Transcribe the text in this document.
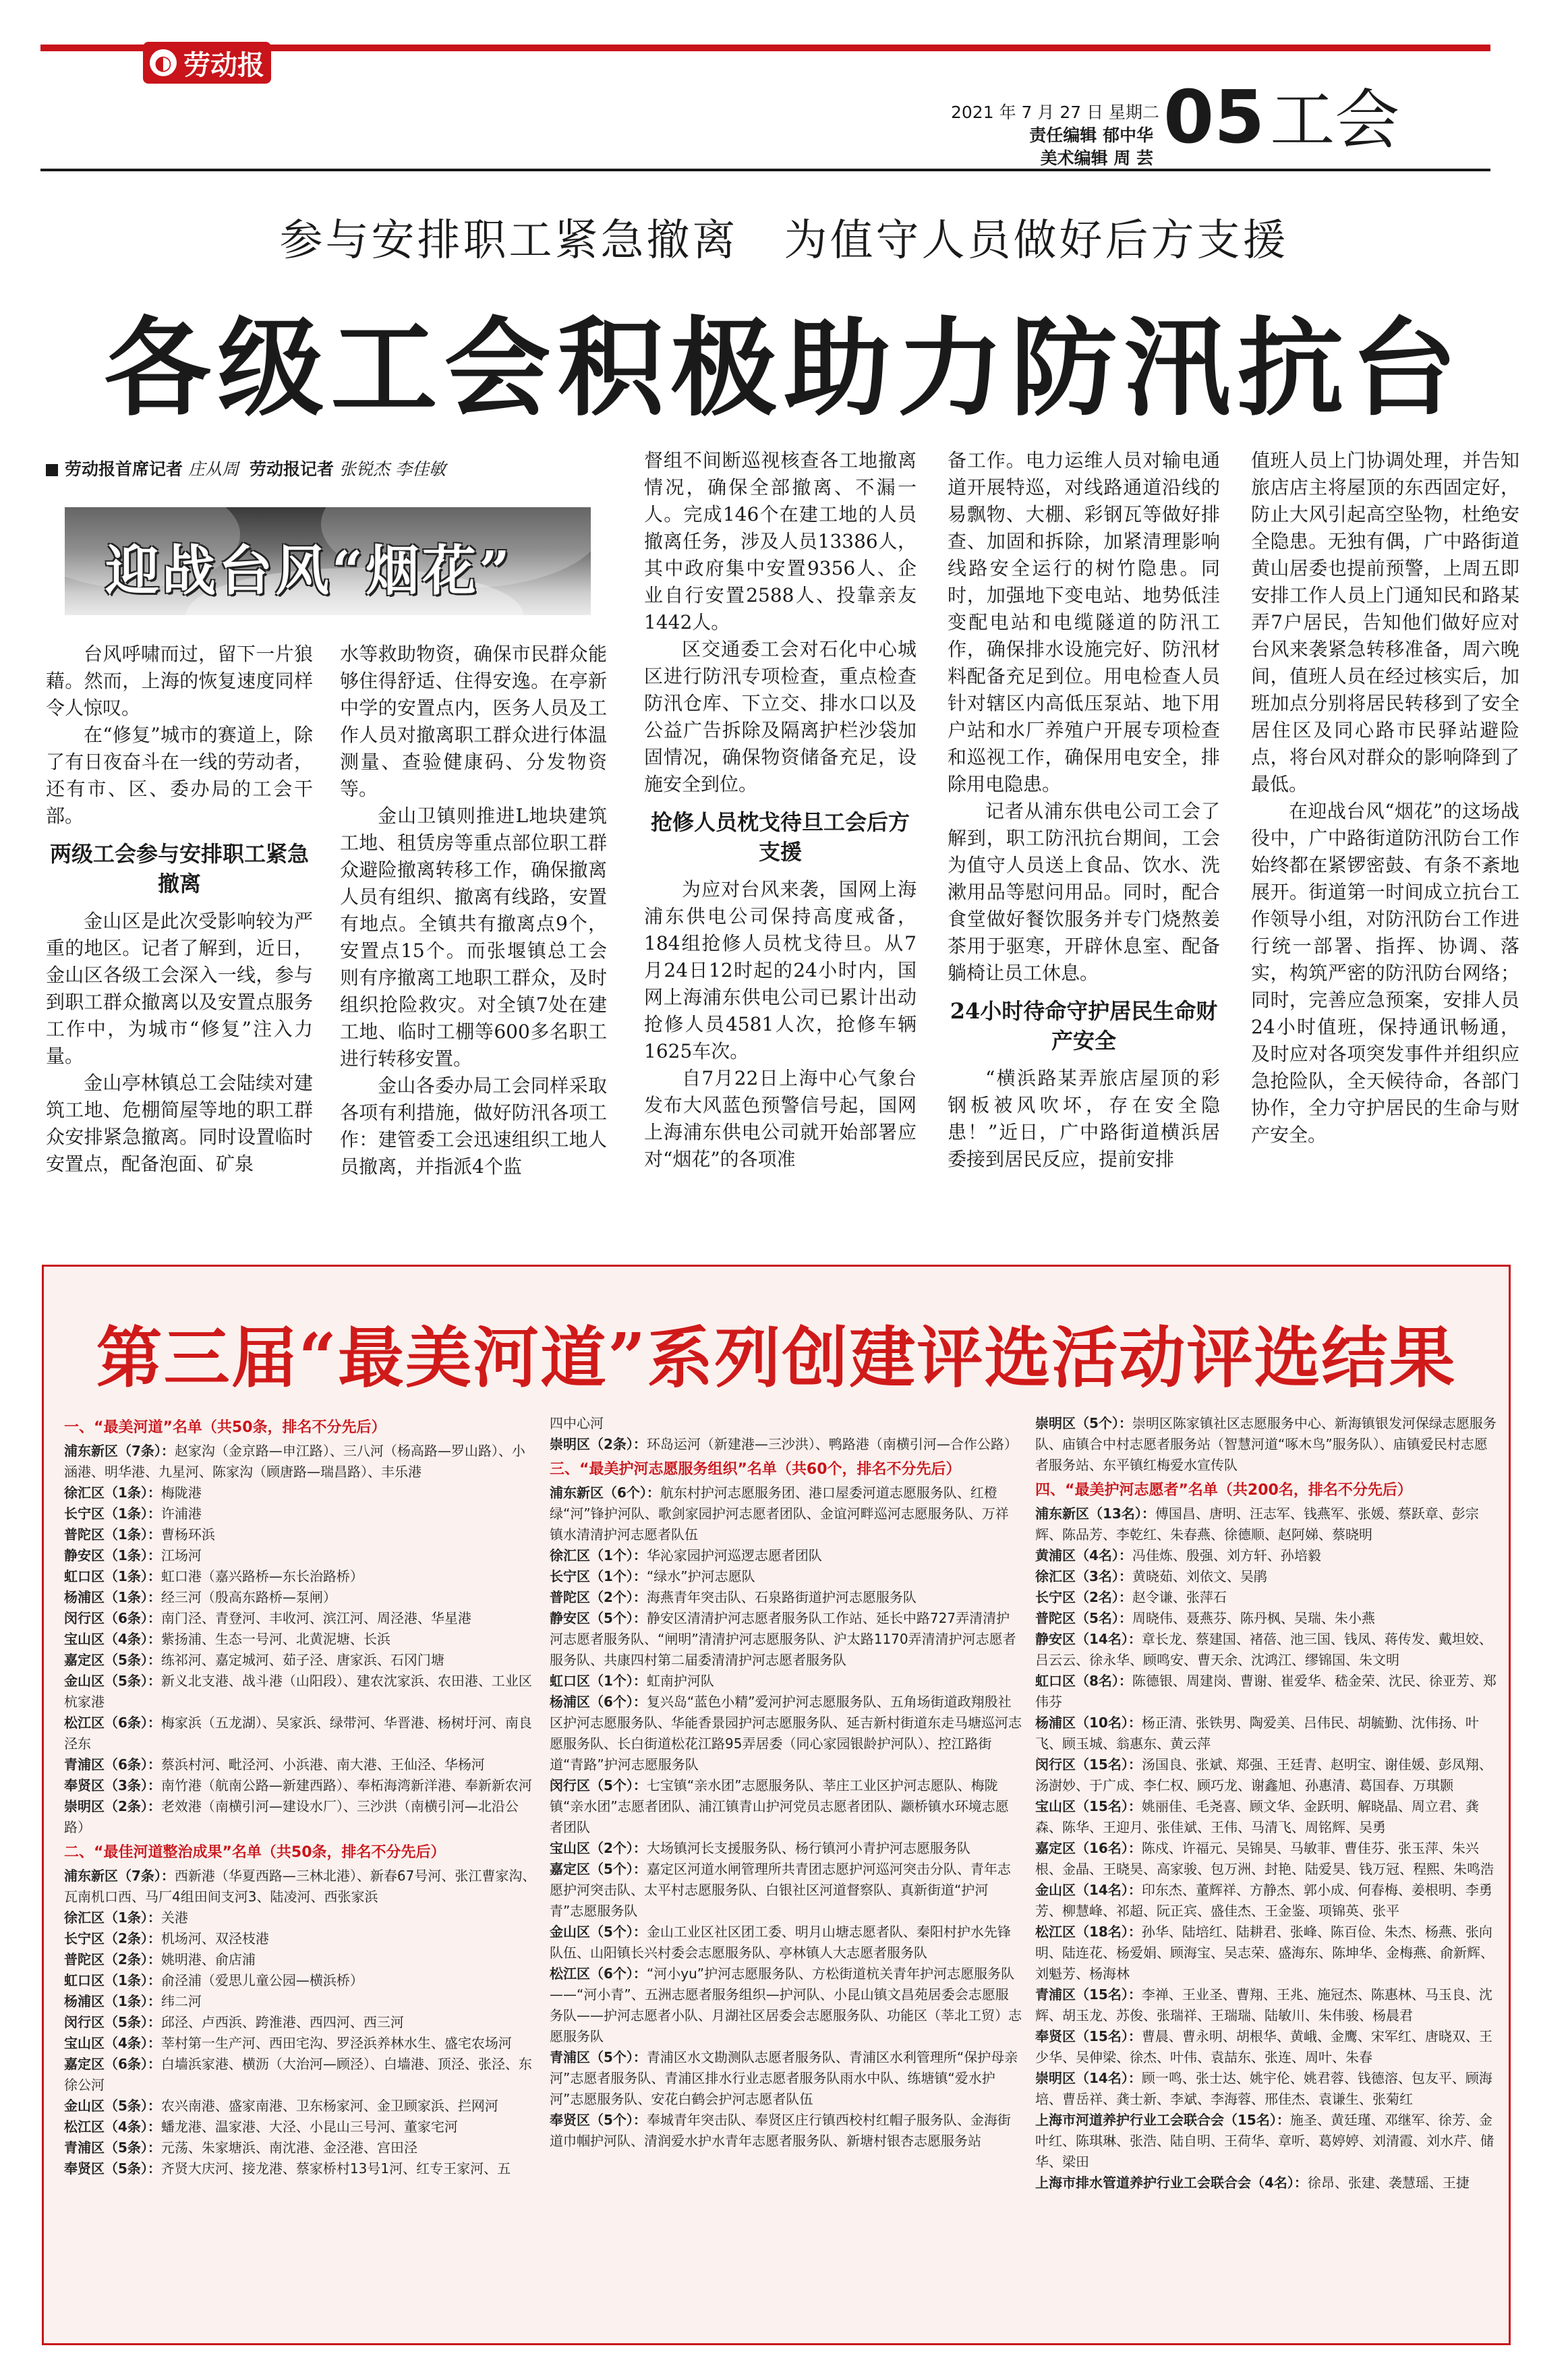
◐ 劳动报
2021 年 7 月 27 日 星期二
责任编辑 郁中华
美术编辑 周 芸 05工会
参与安排职工紧急撤离　为值守人员做好后方支援
各级工会积极助力防汛抗台
劳动报首席记者 庄从周 劳动报记者 张锐杰 李佳敏
迎战台风“烟花”

台风呼啸而过，留下一片狼藉。然而，上海的恢复速度同样令人惊叹。

在“修复”城市的赛道上，除了有日夜奋斗在一线的劳动者，还有市、区、委办局的工会干部。

两级工会参与安排职工紧急撤离

金山区是此次受影响较为严重的地区。记者了解到，近日，金山区各级工会深入一线，参与到职工群众撤离以及安置点服务工作中，为城市“修复”注入力量。

金山亭林镇总工会陆续对建筑工地、危棚简屋等地的职工群众安排紧急撤离。同时设置临时安置点，配备泡面、矿泉

水等救助物资，确保市民群众能够住得舒适、住得安逸。在亭新中学的安置点内，医务人员及工作人员对撤离职工群众进行体温测量、查验健康码、分发物资等。

金山卫镇则推进L地块建筑工地、租赁房等重点部位职工群众避险撤离转移工作，确保撤离人员有组织、撤离有线路，安置有地点。全镇共有撤离点9个，安置点15个。而张堰镇总工会则有序撤离工地职工群众，及时组织抢险救灾。对全镇7处在建工地、临时工棚等600多名职工进行转移安置。

金山各委办局工会同样采取各项有利措施，做好防汛各项工作：建管委工会迅速组织工地人员撤离，并指派4个监

督组不间断巡视核查各工地撤离情况，确保全部撤离、不漏一人。完成146个在建工地的人员撤离任务，涉及人员13386人，其中政府集中安置9356人、企业自行安置2588人、投靠亲友1442人。

区交通委工会对石化中心城区进行防汛专项检查，重点检查防汛仓库、下立交、排水口以及公益广告拆除及隔离护栏沙袋加固情况，确保物资储备充足，设施安全到位。

抢修人员枕戈待旦工会后方支援

为应对台风来袭，国网上海浦东供电公司保持高度戒备，184组抢修人员枕戈待旦。从7月24日12时起的24小时内，国网上海浦东供电公司已累计出动抢修人员4581人次，抢修车辆1625车次。

自7月22日上海中心气象台发布大风蓝色预警信号起，国网上海浦东供电公司就开始部署应对“烟花”的各项准

备工作。电力运维人员对输电通道开展特巡，对线路通道沿线的易飘物、大棚、彩钢瓦等做好排查、加固和拆除，加紧清理影响线路安全运行的树竹隐患。同时，加强地下变电站、地势低洼变配电站和电缆隧道的防汛工作，确保排水设施完好、防汛材料配备充足到位。用电检查人员针对辖区内高低压泵站、地下用户站和水厂养殖户开展专项检查和巡视工作，确保用电安全，排除用电隐患。

记者从浦东供电公司工会了解到，职工防汛抗台期间，工会为值守人员送上食品、饮水、洗漱用品等慰问用品。同时，配合食堂做好餐饮服务并专门烧熬姜茶用于驱寒，开辟休息室、配备躺椅让员工休息。

24小时待命守护居民生命财产安全

“横浜路某弄旅店屋顶的彩钢板被风吹坏，存在安全隐患！”近日，广中路街道横浜居委接到居民反应，提前安排

值班人员上门协调处理，并告知旅店店主将屋顶的东西固定好，防止大风引起高空坠物，杜绝安全隐患。无独有偶，广中路街道黄山居委也提前预警，上周五即安排工作人员上门通知民和路某弄7户居民，告知他们做好应对台风来袭紧急转移准备，周六晚间，值班人员在经过核实后，加班加点分别将居民转移到了安全居住区及同心路市民驿站避险点，将台风对群众的影响降到了最低。

在迎战台风“烟花”的这场战役中，广中路街道防汛防台工作始终都在紧锣密鼓、有条不紊地展开。街道第一时间成立抗台工作领导小组，对防汛防台工作进行统一部署、指挥、协调、落实，构筑严密的防汛防台网络；同时，完善应急预案，安排人员24小时值班，保持通讯畅通，及时应对各项突发事件并组织应急抢险队，全天候待命，各部门协作，全力守护居民的生命与财产安全。

第三届“最美河道”系列创建评选活动评选结果
一、“最美河道”名单（共50条，排名不分先后）
浦东新区（7条）：赵家沟（金京路—申江路）、三八河（杨高路—罗山路）、小涵港、明华港、九星河、陈家沟（顾唐路—瑞昌路）、丰乐港
徐汇区（1条）：梅陇港
长宁区（1条）：许浦港
普陀区（1条）：曹杨环浜
静安区（1条）：江场河
虹口区（1条）：虹口港（嘉兴路桥—东长治路桥）
杨浦区（1条）：经三河（殷高东路桥—泵闸）
闵行区（6条）：南门泾、青登河、丰收河、滨江河、周泾港、华星港
宝山区（4条）：紫扬浦、生态一号河、北黄泥塘、长浜
嘉定区（5条）：练祁河、嘉定城河、茹子泾、唐家浜、石冈门塘
金山区（5条）：新义北支港、战斗港（山阳段）、建农沈家浜、农田港、工业区杭家港
松江区（6条）：梅家浜（五龙湖）、吴家浜、绿带河、华晋港、杨树圩河、南良泾东
青浦区（6条）：蔡浜村河、毗泾河、小浜港、南大港、王仙泾、华杨河
奉贤区（3条）：南竹港（航南公路—新建西路）、奉柘海湾新洋港、奉新新农河
崇明区（2条）：老效港（南横引河—建设水厂）、三沙洪（南横引河—北沿公路）
二、“最佳河道整治成果”名单（共50条，排名不分先后）
浦东新区（7条）：西新港（华夏西路—三林北港）、新春67号河、张江曹家沟、瓦南机口西、马厂4组田间支河3、陆凌河、西张家浜
徐汇区（1条）：关港
长宁区（2条）：机场河、双泾枝港
普陀区（2条）：姚明港、俞店浦
虹口区（1条）：俞泾浦（爱思儿童公园—横浜桥）
杨浦区（1条）：纬二河
闵行区（5条）：邱泾、卢西浜、跨淮港、西四河、西三河
宝山区（4条）：莘村第一生产河、西田宅沟、罗泾浜养林水生、盛宅农场河
嘉定区（6条）：白墙浜家港、横沥（大治河—顾泾）、白墙港、顶泾、张泾、东徐公河
金山区（5条）：农兴南港、盛家南港、卫东杨家河、金卫顾家浜、拦网河
松江区（4条）：蟠龙港、温家港、大泾、小昆山三号河、董家宅河
青浦区（5条）：元荡、朱家塘浜、南沈港、金泾港、宫田泾
奉贤区（5条）：齐贤大庆河、接龙港、蔡家桥村13号1河、红专王家河、五
四中心河
崇明区（2条）：环岛运河（新建港—三沙洪）、鸭路港（南横引河—合作公路）
三、“最美护河志愿服务组织”名单（共60个，排名不分先后）
浦东新区（6个）：航东村护河志愿服务团、港口屋委河道志愿服务队、红橙绿“河”锋护河队、歌剑家园护河志愿者团队、金谊河畔巡河志愿服务队、万祥镇水清清护河志愿者队伍
徐汇区（1个）：华沁家园护河巡逻志愿者团队
长宁区（1个）：“绿水”护河志愿队
普陀区（2个）：海燕青年突击队、石泉路街道护河志愿服务队
静安区（5个）：静安区清清护河志愿者服务队工作站、延长中路727弄清清护河志愿者服务队、“闸明”清清护河志愿服务队、沪太路1170弄清清护河志愿者服务队、共康四村第二届委清清护河志愿者服务队
虹口区（1个）：虹南护河队
杨浦区（6个）：复兴岛“蓝色小精”爱河护河志愿服务队、五角场街道政翔殷社区护河志愿服务队、华能香景园护河志愿服务队、延吉新村街道东走马塘巡河志愿服务队、长白街道松花江路95弄居委（同心家园银龄护河队）、控江路街道“青路”护河志愿服务队
闵行区（5个）：七宝镇“亲水团”志愿服务队、莘庄工业区护河志愿队、梅陇镇“亲水团”志愿者团队、浦江镇青山护河党员志愿者团队、颛桥镇水环境志愿者团队
宝山区（2个）：大场镇河长支援服务队、杨行镇河小青护河志愿服务队
嘉定区（5个）：嘉定区河道水闸管理所共青团志愿护河巡河突击分队、青年志愿护河突击队、太平村志愿服务队、白银社区河道督察队、真新街道“护河青”志愿服务队
金山区（5个）：金山工业区社区团工委、明月山塘志愿者队、秦阳村护水先锋队伍、山阳镇长兴村委会志愿服务队、亭林镇人大志愿者服务队
松江区（6个）：“河小yu”护河志愿服务队、方松街道杭关青年护河志愿服务队——“河小青”、五洲志愿者服务组织—护河队、小昆山镇文昌苑居委会志愿服务队——护河志愿者小队、月湖社区居委会志愿服务队、功能区（莘北工贸）志愿服务队
青浦区（5个）：青浦区水文勘测队志愿者服务队、青浦区水利管理所“保护母亲河”志愿者服务队、青浦区排水行业志愿者服务队雨水中队、练塘镇“爱水护河”志愿服务队、安花白鹤会护河志愿者队伍
奉贤区（5个）：奉城青年突击队、奉贤区庄行镇西校村红帽子服务队、金海街道巾帼护河队、清润爱水护水青年志愿者服务队、新塘村银杏志愿服务站
崇明区（5个）：崇明区陈家镇社区志愿服务中心、新海镇银发河保绿志愿服务队、庙镇合中村志愿者服务站（智慧河道“啄木鸟”服务队）、庙镇爱民村志愿者服务站、东平镇红梅爱水宣传队
四、“最美护河志愿者”名单（共200名，排名不分先后）
浦东新区（13名）：傅国昌、唐明、汪志军、钱燕军、张媛、蔡跃章、彭宗辉、陈品芳、李乾红、朱春燕、徐德顺、赵阿娣、蔡晓明
黄浦区（4名）：冯佳炼、殷强、刘方轩、孙培毅
徐汇区（3名）：黄晓茹、刘依文、吴鹃
长宁区（2名）：赵令谦、张萍石
普陀区（5名）：周晓伟、聂燕芬、陈丹枫、吴瑞、朱小燕
静安区（14名）：章长龙、蔡建国、褚蓓、池三国、钱凤、蒋传发、戴坦姣、吕云云、徐永华、顾鸣安、曹天余、沈鸿江、缪锦国、朱文明
虹口区（8名）：陈德银、周建岗、曹谢、崔爱华、嵇金荣、沈民、徐亚芳、郑伟芬
杨浦区（10名）：杨正清、张铁男、陶爱美、吕伟民、胡毓勤、沈伟扬、叶飞、顾玉城、翁惠东、黄云萍
闵行区（15名）：汤国良、张斌、郑强、王廷青、赵明宝、谢佳媛、彭凤翔、汤澍妙、于广成、李仁权、顾巧龙、谢鑫旭、孙惠清、葛国春、万琪颢
宝山区（15名）：姚丽佳、毛尧喜、顾文华、金跃明、解晓晶、周立君、龚森、陈华、王迎月、张佳斌、王伟、马清飞、周铭辉、吴勇
嘉定区（16名）：陈戍、许福元、吴锦昊、马敏菲、曹佳芬、张玉萍、朱兴根、金晶、王晓昊、高家骏、包万洲、封艳、陆爱昊、钱万冠、程熙、朱鸣浩
金山区（14名）：印东杰、董辉祥、方静杰、郭小成、何春梅、姜根明、李勇芳、柳慧峰、祁超、阮正宾、盛佳杰、王金鉴、项锦英、张平
松江区（18名）：孙华、陆培红、陆耕君、张峰、陈百俭、朱杰、杨燕、张向明、陆连花、杨爱娟、顾海宝、吴志荣、盛海东、陈坤华、金梅燕、俞新辉、刘魁芳、杨海林
青浦区（15名）：李禅、王业圣、曹翔、王兆、施冠杰、陈惠林、马玉良、沈辉、胡玉龙、苏俊、张瑞祥、王瑞瑞、陆敏川、朱伟骏、杨晨君
奉贤区（15名）：曹晨、曹永明、胡根华、黄峨、金鹰、宋军红、唐晓双、王少华、吴伸梁、徐杰、叶伟、袁喆东、张连、周叶、朱春
崇明区（14名）：顾一鸣、张士达、姚宇伦、姚君蓉、钱德溶、包友平、顾海培、曹岳祥、龚士新、李斌、李海蓉、邢佳杰、袁谦生、张菊红
上海市河道养护行业工会联合会（15名）：施圣、黄廷瑾、邓继军、徐芳、金叶红、陈琪琳、张浩、陆自明、王荷华、章听、葛婷婷、刘清霞、刘水芹、储华、梁田
上海市排水管道养护行业工会联合会（4名）：徐昂、张建、袭慧瑶、王捷
